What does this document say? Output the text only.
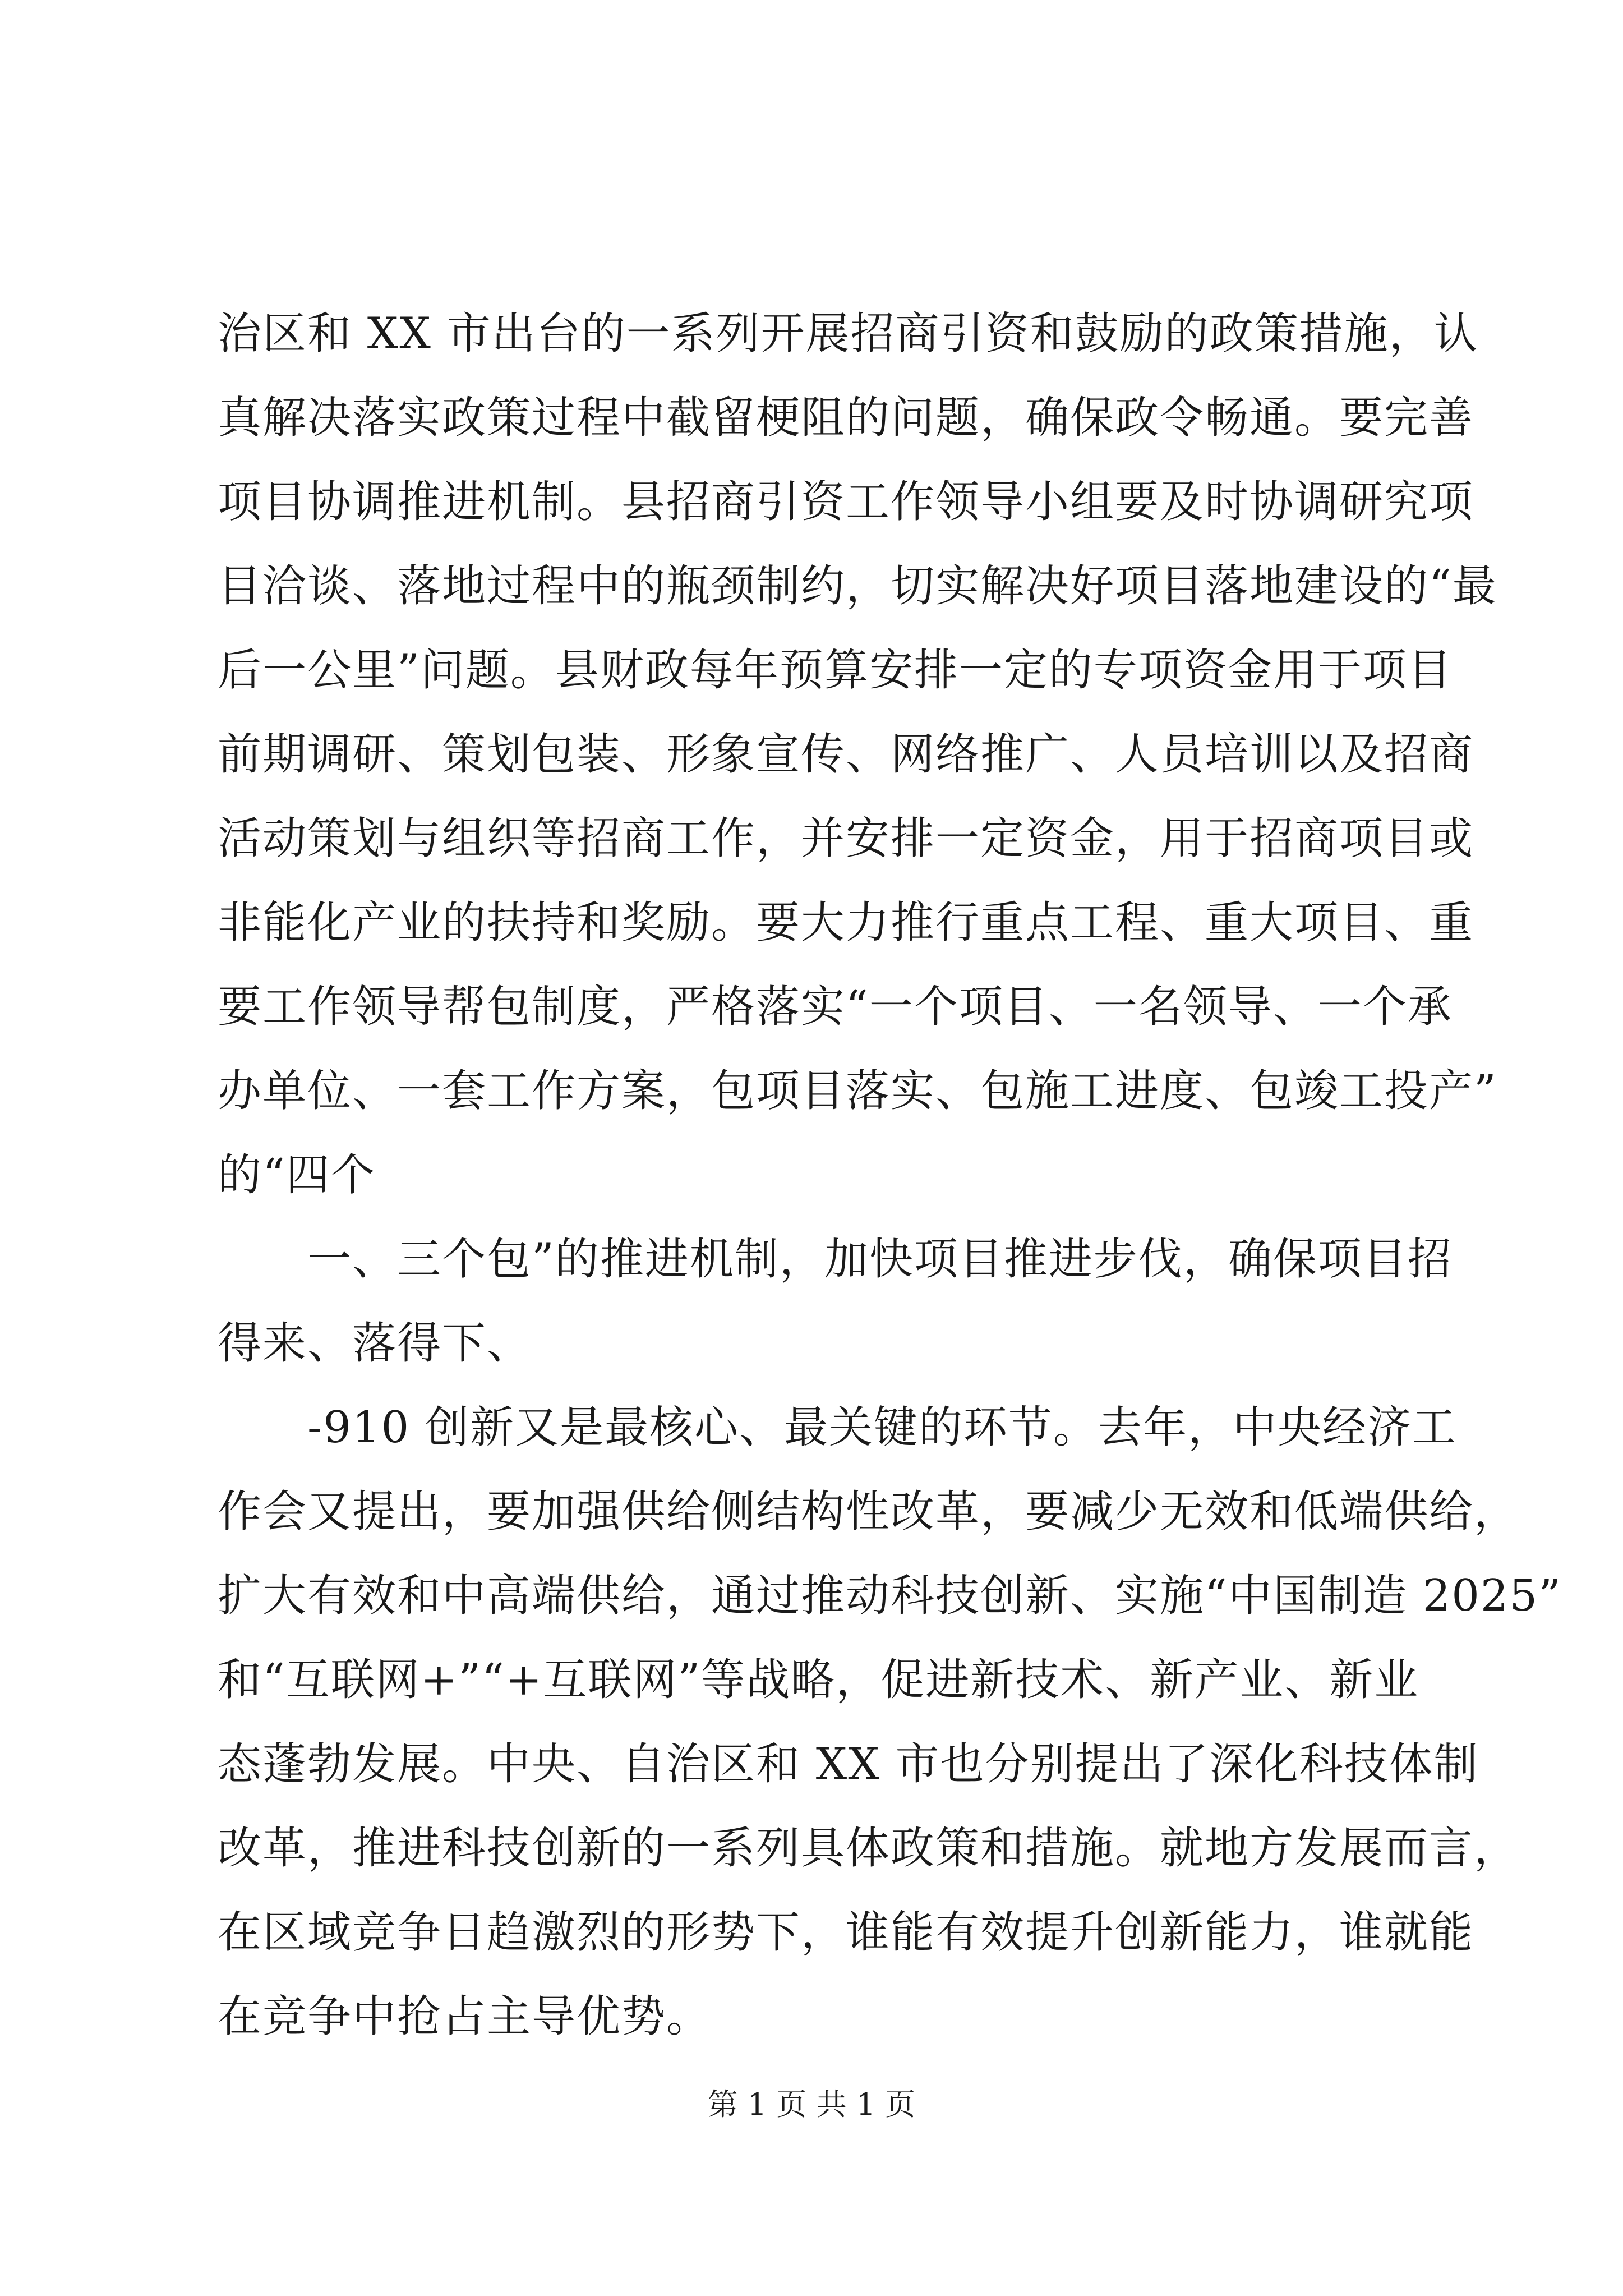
治区和 XX 市出台的一系列开展招商引资和鼓励的政策措施，认
真解决落实政策过程中截留梗阻的问题，确保政令畅通。要完善
项目协调推进机制。县招商引资工作领导小组要及时协调研究项
目洽谈、落地过程中的瓶颈制约，切实解决好项目落地建设的“最
后一公里”问题。县财政每年预算安排一定的专项资金用于项目
前期调研、策划包装、形象宣传、网络推广、人员培训以及招商
活动策划与组织等招商工作，并安排一定资金，用于招商项目或
非能化产业的扶持和奖励。要大力推行重点工程、重大项目、重
要工作领导帮包制度，严格落实“一个项目、一名领导、一个承
办单位、一套工作方案，包项目落实、包施工进度、包竣工投产”
的“四个
一、三个包”的推进机制，加快项目推进步伐，确保项目招
得来、落得下、
-910 创新又是最核心、最关键的环节。去年，中央经济工
作会又提出，要加强供给侧结构性改革，要减少无效和低端供给，
扩大有效和中高端供给，通过推动科技创新、实施“中国制造 2025”
和“互联网+”“+互联网”等战略，促进新技术、新产业、新业
态蓬勃发展。中央、自治区和 XX 市也分别提出了深化科技体制
改革，推进科技创新的一系列具体政策和措施。就地方发展而言，
在区域竞争日趋激烈的形势下，谁能有效提升创新能力，谁就能
在竞争中抢占主导优势。
第 1 页 共 1 页
